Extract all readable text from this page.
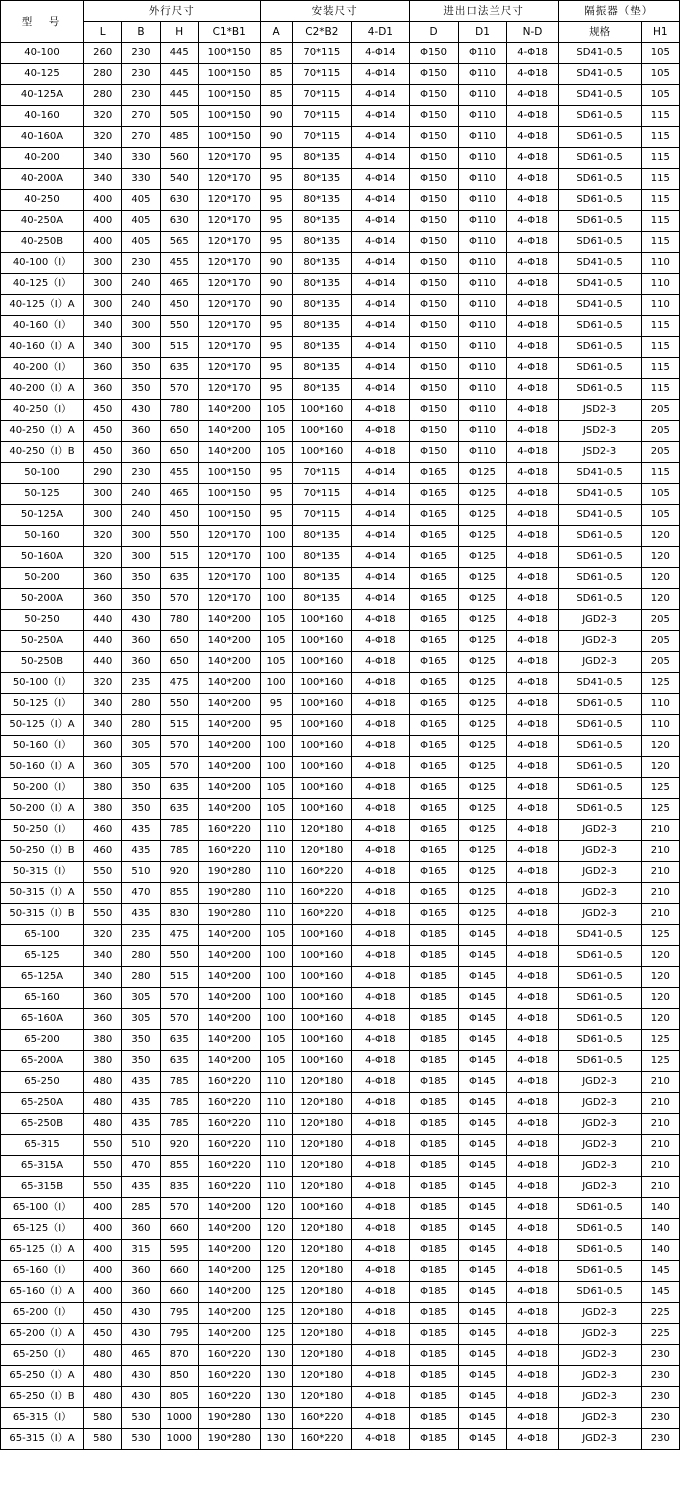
型　号	外行尺寸				安装尺寸			进出口法兰尺寸			隔振器（垫）	
	L	B	H	C1*B1	A	C2*B2	4-D1	D	D1	N-D	规格	H1
40-100	260	230	445	100*150	85	70*115	4-Φ14	Φ150	Φ110	4-Φ18	SD41-0.5	105
40-125	280	230	445	100*150	85	70*115	4-Φ14	Φ150	Φ110	4-Φ18	SD41-0.5	105
40-125A	280	230	445	100*150	85	70*115	4-Φ14	Φ150	Φ110	4-Φ18	SD41-0.5	105
40-160	320	270	505	100*150	90	70*115	4-Φ14	Φ150	Φ110	4-Φ18	SD61-0.5	115
40-160A	320	270	485	100*150	90	70*115	4-Φ14	Φ150	Φ110	4-Φ18	SD61-0.5	115
40-200	340	330	560	120*170	95	80*135	4-Φ14	Φ150	Φ110	4-Φ18	SD61-0.5	115
40-200A	340	330	540	120*170	95	80*135	4-Φ14	Φ150	Φ110	4-Φ18	SD61-0.5	115
40-250	400	405	630	120*170	95	80*135	4-Φ14	Φ150	Φ110	4-Φ18	SD61-0.5	115
40-250A	400	405	630	120*170	95	80*135	4-Φ14	Φ150	Φ110	4-Φ18	SD61-0.5	115
40-250B	400	405	565	120*170	95	80*135	4-Φ14	Φ150	Φ110	4-Φ18	SD61-0.5	115
40-100（I）	300	230	455	120*170	90	80*135	4-Φ14	Φ150	Φ110	4-Φ18	SD41-0.5	110
40-125（I）	300	240	465	120*170	90	80*135	4-Φ14	Φ150	Φ110	4-Φ18	SD41-0.5	110
40-125（I）A	300	240	450	120*170	90	80*135	4-Φ14	Φ150	Φ110	4-Φ18	SD41-0.5	110
40-160（I）	340	300	550	120*170	95	80*135	4-Φ14	Φ150	Φ110	4-Φ18	SD61-0.5	115
40-160（I）A	340	300	515	120*170	95	80*135	4-Φ14	Φ150	Φ110	4-Φ18	SD61-0.5	115
40-200（I）	360	350	635	120*170	95	80*135	4-Φ14	Φ150	Φ110	4-Φ18	SD61-0.5	115
40-200（I）A	360	350	570	120*170	95	80*135	4-Φ14	Φ150	Φ110	4-Φ18	SD61-0.5	115
40-250（I）	450	430	780	140*200	105	100*160	4-Φ18	Φ150	Φ110	4-Φ18	JSD2-3	205
40-250（I）A	450	360	650	140*200	105	100*160	4-Φ18	Φ150	Φ110	4-Φ18	JSD2-3	205
40-250（I）B	450	360	650	140*200	105	100*160	4-Φ18	Φ150	Φ110	4-Φ18	JSD2-3	205
50-100	290	230	455	100*150	95	70*115	4-Φ14	Φ165	Φ125	4-Φ18	SD41-0.5	115
50-125	300	240	465	100*150	95	70*115	4-Φ14	Φ165	Φ125	4-Φ18	SD41-0.5	105
50-125A	300	240	450	100*150	95	70*115	4-Φ14	Φ165	Φ125	4-Φ18	SD41-0.5	105
50-160	320	300	550	120*170	100	80*135	4-Φ14	Φ165	Φ125	4-Φ18	SD61-0.5	120
50-160A	320	300	515	120*170	100	80*135	4-Φ14	Φ165	Φ125	4-Φ18	SD61-0.5	120
50-200	360	350	635	120*170	100	80*135	4-Φ14	Φ165	Φ125	4-Φ18	SD61-0.5	120
50-200A	360	350	570	120*170	100	80*135	4-Φ14	Φ165	Φ125	4-Φ18	SD61-0.5	120
50-250	440	430	780	140*200	105	100*160	4-Φ18	Φ165	Φ125	4-Φ18	JGD2-3	205
50-250A	440	360	650	140*200	105	100*160	4-Φ18	Φ165	Φ125	4-Φ18	JGD2-3	205
50-250B	440	360	650	140*200	105	100*160	4-Φ18	Φ165	Φ125	4-Φ18	JGD2-3	205
50-100（I）	320	235	475	140*200	100	100*160	4-Φ18	Φ165	Φ125	4-Φ18	SD41-0.5	125
50-125（I）	340	280	550	140*200	95	100*160	4-Φ18	Φ165	Φ125	4-Φ18	SD61-0.5	110
50-125（I）A	340	280	515	140*200	95	100*160	4-Φ18	Φ165	Φ125	4-Φ18	SD61-0.5	110
50-160（I）	360	305	570	140*200	100	100*160	4-Φ18	Φ165	Φ125	4-Φ18	SD61-0.5	120
50-160（I）A	360	305	570	140*200	100	100*160	4-Φ18	Φ165	Φ125	4-Φ18	SD61-0.5	120
50-200（I）	380	350	635	140*200	105	100*160	4-Φ18	Φ165	Φ125	4-Φ18	SD61-0.5	125
50-200（I）A	380	350	635	140*200	105	100*160	4-Φ18	Φ165	Φ125	4-Φ18	SD61-0.5	125
50-250（I）	460	435	785	160*220	110	120*180	4-Φ18	Φ165	Φ125	4-Φ18	JGD2-3	210
50-250（I）B	460	435	785	160*220	110	120*180	4-Φ18	Φ165	Φ125	4-Φ18	JGD2-3	210
50-315（I）	550	510	920	190*280	110	160*220	4-Φ18	Φ165	Φ125	4-Φ18	JGD2-3	210
50-315（I）A	550	470	855	190*280	110	160*220	4-Φ18	Φ165	Φ125	4-Φ18	JGD2-3	210
50-315（I）B	550	435	830	190*280	110	160*220	4-Φ18	Φ165	Φ125	4-Φ18	JGD2-3	210
65-100	320	235	475	140*200	105	100*160	4-Φ18	Φ185	Φ145	4-Φ18	SD41-0.5	125
65-125	340	280	550	140*200	100	100*160	4-Φ18	Φ185	Φ145	4-Φ18	SD61-0.5	120
65-125A	340	280	515	140*200	100	100*160	4-Φ18	Φ185	Φ145	4-Φ18	SD61-0.5	120
65-160	360	305	570	140*200	100	100*160	4-Φ18	Φ185	Φ145	4-Φ18	SD61-0.5	120
65-160A	360	305	570	140*200	100	100*160	4-Φ18	Φ185	Φ145	4-Φ18	SD61-0.5	120
65-200	380	350	635	140*200	105	100*160	4-Φ18	Φ185	Φ145	4-Φ18	SD61-0.5	125
65-200A	380	350	635	140*200	105	100*160	4-Φ18	Φ185	Φ145	4-Φ18	SD61-0.5	125
65-250	480	435	785	160*220	110	120*180	4-Φ18	Φ185	Φ145	4-Φ18	JGD2-3	210
65-250A	480	435	785	160*220	110	120*180	4-Φ18	Φ185	Φ145	4-Φ18	JGD2-3	210
65-250B	480	435	785	160*220	110	120*180	4-Φ18	Φ185	Φ145	4-Φ18	JGD2-3	210
65-315	550	510	920	160*220	110	120*180	4-Φ18	Φ185	Φ145	4-Φ18	JGD2-3	210
65-315A	550	470	855	160*220	110	120*180	4-Φ18	Φ185	Φ145	4-Φ18	JGD2-3	210
65-315B	550	435	835	160*220	110	120*180	4-Φ18	Φ185	Φ145	4-Φ18	JGD2-3	210
65-100（I）	400	285	570	140*200	120	100*160	4-Φ18	Φ185	Φ145	4-Φ18	SD61-0.5	140
65-125（I）	400	360	660	140*200	120	120*180	4-Φ18	Φ185	Φ145	4-Φ18	SD61-0.5	140
65-125（I）A	400	315	595	140*200	120	120*180	4-Φ18	Φ185	Φ145	4-Φ18	SD61-0.5	140
65-160（I）	400	360	660	140*200	125	120*180	4-Φ18	Φ185	Φ145	4-Φ18	SD61-0.5	145
65-160（I）A	400	360	660	140*200	125	120*180	4-Φ18	Φ185	Φ145	4-Φ18	SD61-0.5	145
65-200（I）	450	430	795	140*200	125	120*180	4-Φ18	Φ185	Φ145	4-Φ18	JGD2-3	225
65-200（I）A	450	430	795	140*200	125	120*180	4-Φ18	Φ185	Φ145	4-Φ18	JGD2-3	225
65-250（I）	480	465	870	160*220	130	120*180	4-Φ18	Φ185	Φ145	4-Φ18	JGD2-3	230
65-250（I）A	480	430	850	160*220	130	120*180	4-Φ18	Φ185	Φ145	4-Φ18	JGD2-3	230
65-250（I）B	480	430	805	160*220	130	120*180	4-Φ18	Φ185	Φ145	4-Φ18	JGD2-3	230
65-315（I）	580	530	1000	190*280	130	160*220	4-Φ18	Φ185	Φ145	4-Φ18	JGD2-3	230
65-315（I）A	580	530	1000	190*280	130	160*220	4-Φ18	Φ185	Φ145	4-Φ18	JGD2-3	230
